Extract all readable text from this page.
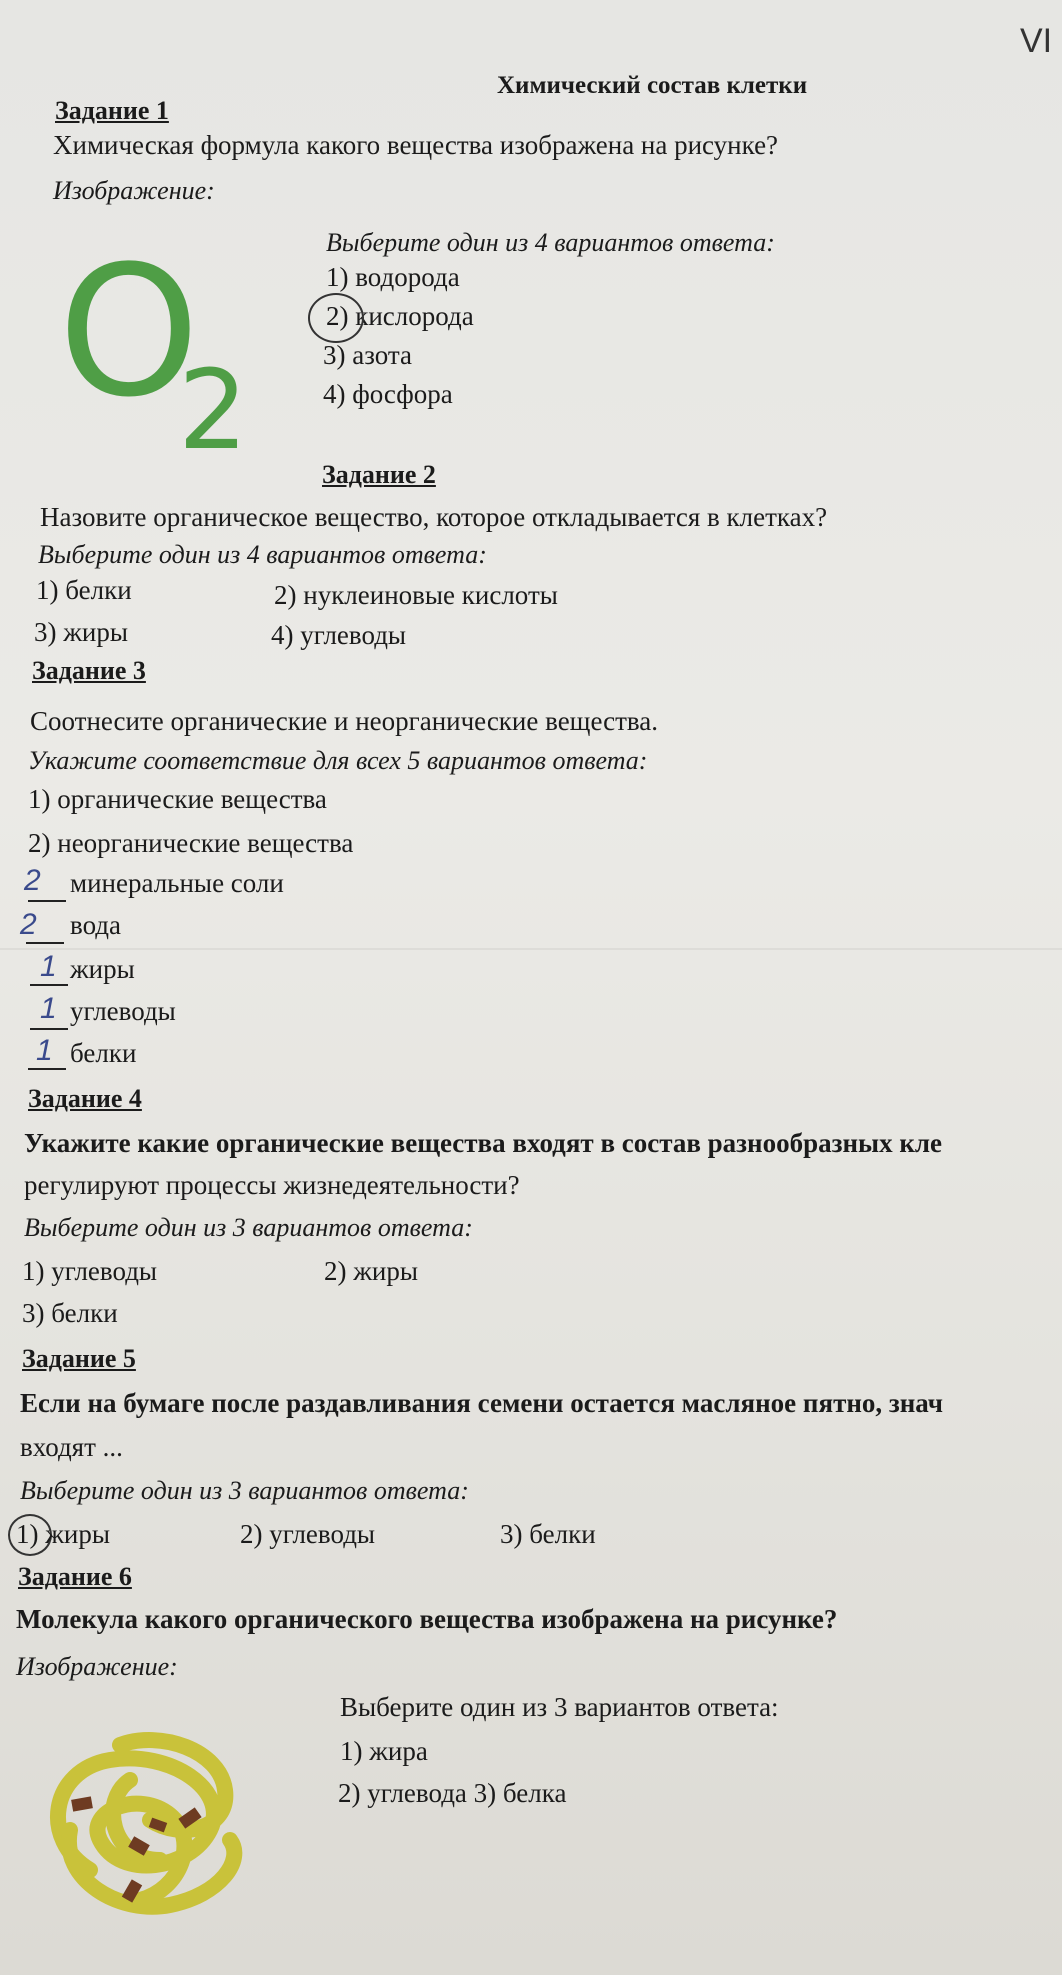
VI
Химический состав клетки
Задание 1
Химическая формула какого вещества изображена на рисунке?
Изображение:
O
2
Выберите один из 4 вариантов ответа:
1) водорода
2) кислорода
3) азота
4) фосфора
Задание 2
Назовите органическое вещество, которое откладывается в клетках?
Выберите один из 4 вариантов ответа:
1) белки	2) нуклеиновые кислоты
3) жиры	4) углеводы
Задание 3
Соотнесите органические и неорганические вещества.
Укажите соответствие для всех 5 вариантов ответа:
1) органические вещества
2) неорганические вещества
2 минеральные соли
2 вода
1 жиры
1 углеводы
1 белки
Задание 4
Укажите какие органические вещества входят в состав разнообразных кле
регулируют процессы жизнедеятельности?
Выберите один из 3 вариантов ответа:
1) углеводы	2) жиры
3) белки
Задание 5
Если на бумаге после раздавливания семени остается масляное пятно, знач
входят ...
Выберите один из 3 вариантов ответа:
1) жиры	2) углеводы	3) белки
Задание 6
Молекула какого органического вещества изображена на рисунке?
Изображение:
Выберите один из 3 вариантов ответа:
1) жира
2) углевода 3) белка
